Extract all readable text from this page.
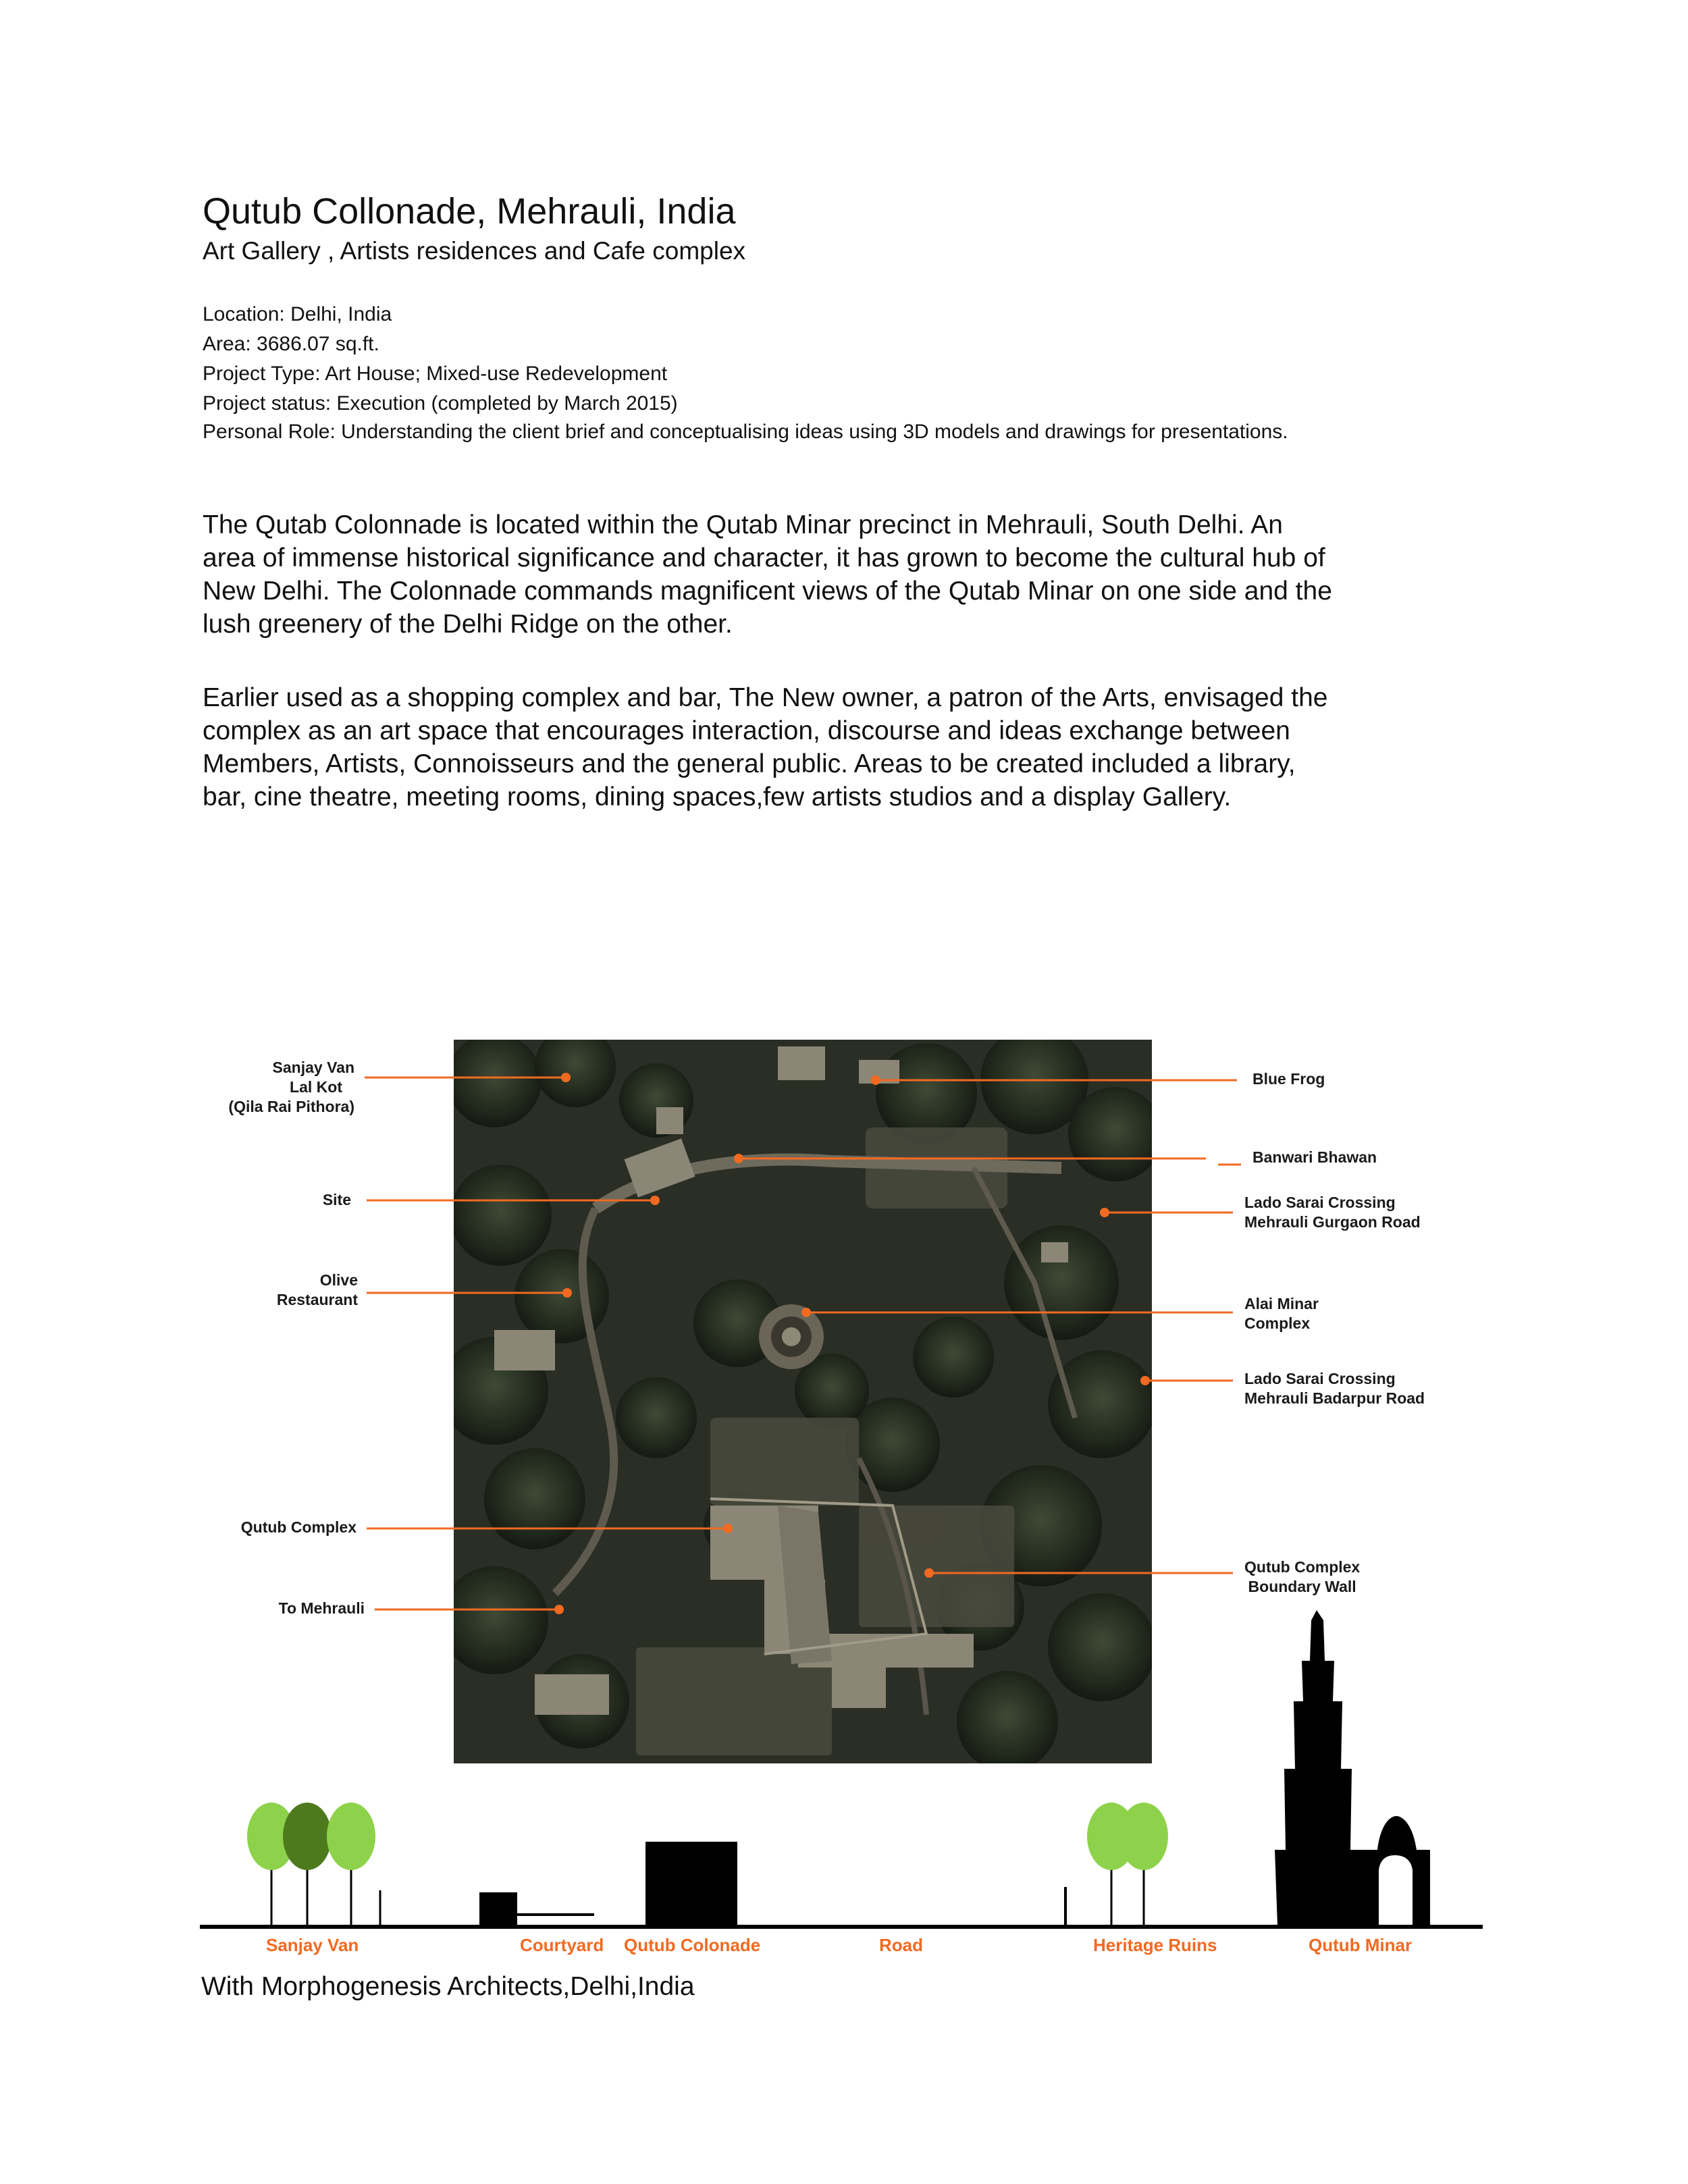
Qutub Collonade, Mehrauli, India
Art Gallery , Artists residences and Cafe complex
Location: Delhi, India
Area: 3686.07 sq.ft.
Project Type: Art House; Mixed-use Redevelopment
Project status: Execution (completed by March 2015)
Personal Role: Understanding the client brief and conceptualising ideas using 3D models and drawings for presentations.
The Qutab Colonnade is located within the Qutab Minar precinct in Mehrauli, South Delhi. An area of immense historical significance and character, it has grown to become the cultural hub of New Delhi. The Colonnade commands magnificent views of the Qutab Minar on one side and the lush greenery of the Delhi Ridge on the other.
Earlier used as a shopping complex and bar, The New owner, a patron of the Arts, envisaged the complex as an art space that encourages interaction, discourse and ideas exchange between Members, Artists, Connoisseurs and the general public. Areas to be created included a library, bar, cine theatre, meeting rooms, dining spaces,few artists studios and a display Gallery.
Sanjay Van
Lal Kot
(Qila Rai Pithora)
Site
Olive
Restaurant
Qutub Complex
To Mehrauli
Blue Frog
Banwari Bhawan
Lado Sarai Crossing
Mehrauli Gurgaon Road
Alai Minar
Complex
Lado Sarai Crossing
Mehrauli Badarpur Road
Qutub Complex
Boundary Wall
Sanjay Van	Courtyard Qutub Colonade	Road	Heritage Ruins	Qutub Minar
With Morphogenesis Architects,Delhi,India
